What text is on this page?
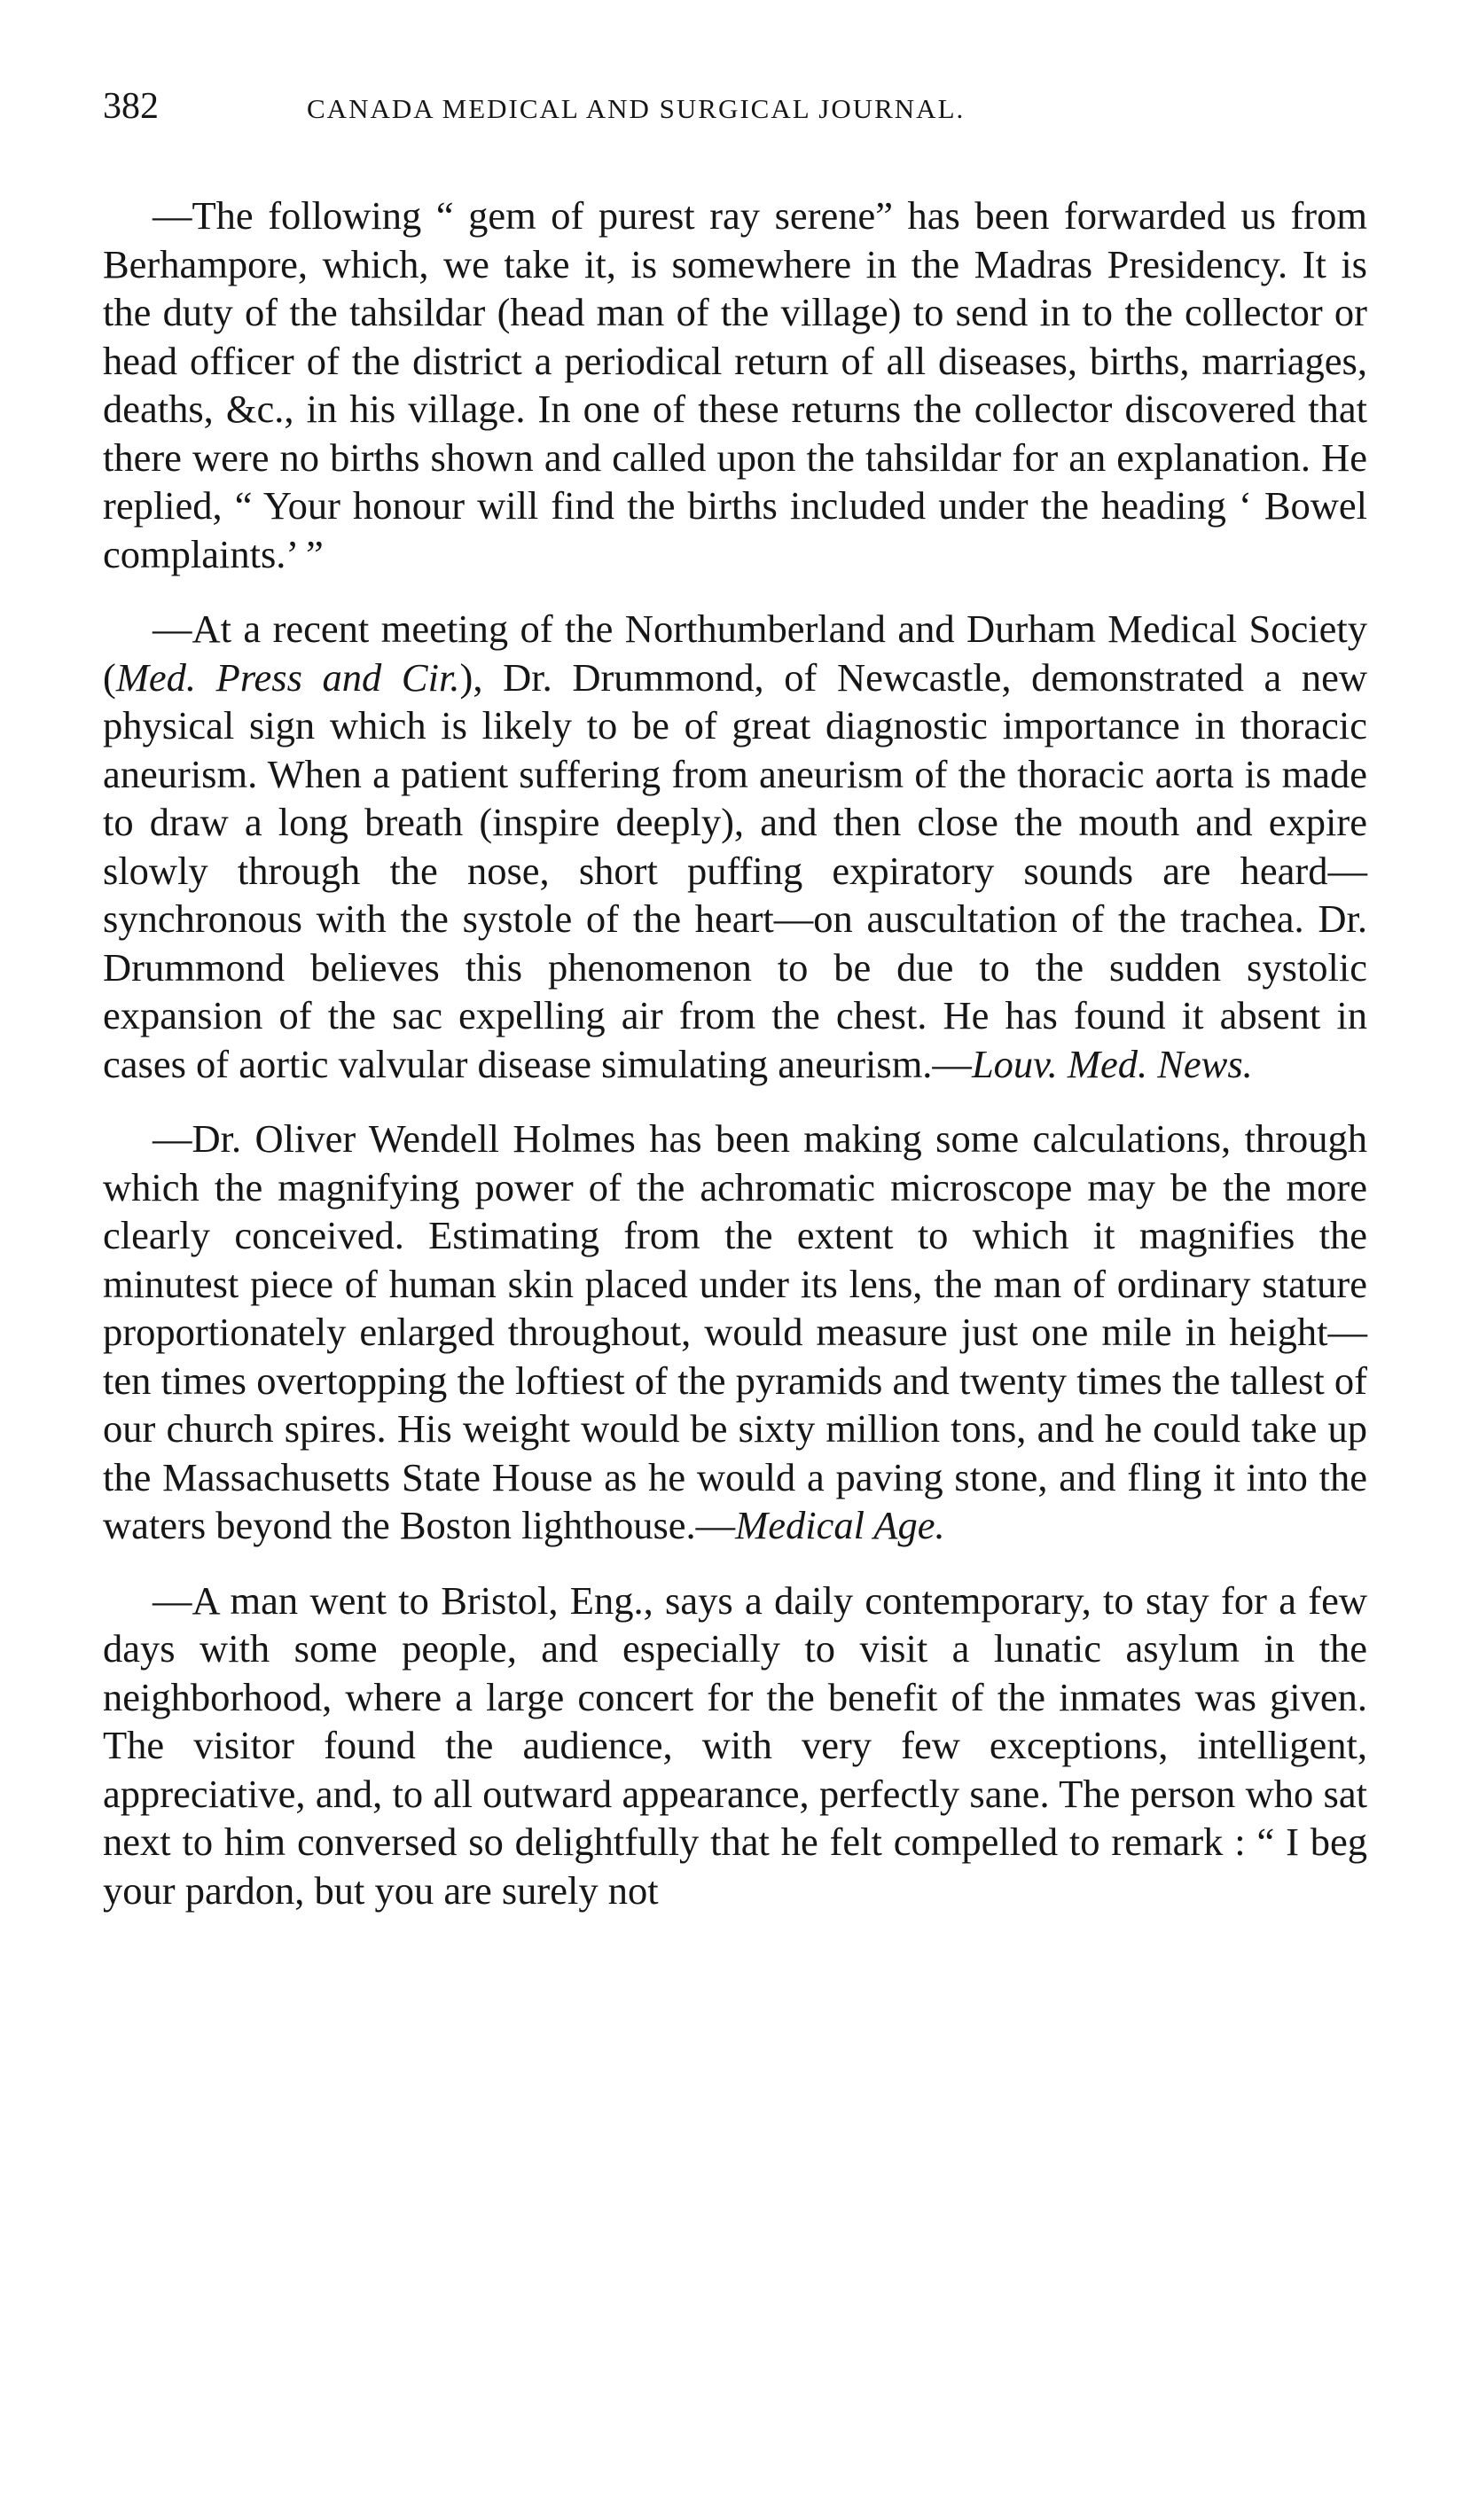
382	CANADA MEDICAL AND SURGICAL JOURNAL.

—The following “ gem of purest ray serene” has been forwarded us from Berhampore, which, we take it, is somewhere in the Madras Presidency. It is the duty of the tahsildar (head man of the village) to send in to the collector or head officer of the district a periodical return of all diseases, births, marriages, deaths, &c., in his village. In one of these returns the collector discovered that there were no births shown and called upon the tahsildar for an explanation. He replied, “ Your honour will find the births included under the heading ‘ Bowel complaints.’ ”

—At a recent meeting of the Northumberland and Durham Medical Society (Med. Press and Cir.), Dr. Drummond, of Newcastle, demonstrated a new physical sign which is likely to be of great diagnostic importance in thoracic aneurism. When a patient suffering from aneurism of the thoracic aorta is made to draw a long breath (inspire deeply), and then close the mouth and expire slowly through the nose, short puffing expiratory sounds are heard—synchronous with the systole of the heart—on auscultation of the trachea. Dr. Drummond believes this phenomenon to be due to the sudden systolic expansion of the sac expelling air from the chest. He has found it absent in cases of aortic valvular disease simulating aneurism.—Louv. Med. News.

—Dr. Oliver Wendell Holmes has been making some calculations, through which the magnifying power of the achromatic microscope may be the more clearly conceived. Estimating from the extent to which it magnifies the minutest piece of human skin placed under its lens, the man of ordinary stature proportionately enlarged throughout, would measure just one mile in height—ten times overtopping the loftiest of the pyramids and twenty times the tallest of our church spires. His weight would be sixty million tons, and he could take up the Massachusetts State House as he would a paving stone, and fling it into the waters beyond the Boston lighthouse.—Medical Age.

—A man went to Bristol, Eng., says a daily contemporary, to stay for a few days with some people, and especially to visit a lunatic asylum in the neighborhood, where a large concert for the benefit of the inmates was given. The visitor found the audience, with very few exceptions, intelligent, appreciative, and, to all outward appearance, perfectly sane. The person who sat next to him conversed so delightfully that he felt compelled to remark : “ I beg your pardon, but you are surely not
